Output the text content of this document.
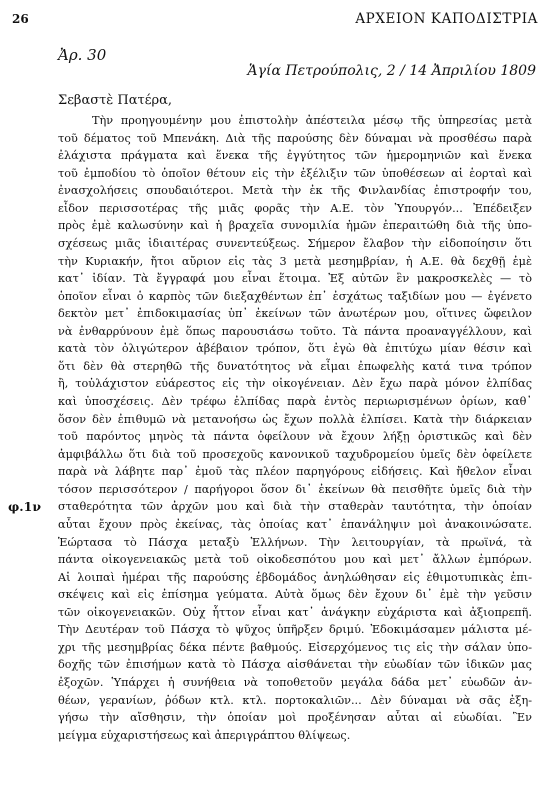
26	ΑΡΧΕΙΟΝ ΚΑΠΟΔΙΣΤΡΙΑ
Ἀρ. 30
Ἁγία Πετρούπολις, 2 / 14 Ἀπριλίου 1809
Σεβαστὲ Πατέρα,
φ.1ν
Τὴν προηγουμένην μου ἐπιστολὴν ἀπέστειλα μέσῳ τῆς ὑπηρεσίας μετὰ
τοῦ δέματος τοῦ Μπενάκη. Διὰ τῆς παρούσης δὲν δύναμαι νὰ προσθέσω παρὰ
ἐλάχιστα πράγματα καὶ ἕνεκα τῆς ἐγγύτητος τῶν ἡμερομηνιῶν καὶ ἕνεκα
τοῦ ἐμποδίου τὸ ὁποῖον θέτουν εἰς τὴν ἐξέλιξιν τῶν ὑποθέσεων αἱ ἑορταὶ καὶ
ἐνασχολήσεις σπουδαιότεροι. Μετὰ τὴν ἐκ τῆς Φινλανδίας ἐπιστροφήν του,
εἶδον περισσοτέρας τῆς μιᾶς φορᾶς τὴν Α.Ε. τὸν Ὑπουργόν... Ἐπέδειξεν
πρὸς ἐμὲ καλωσύνην καὶ ἡ βραχεῖα συνομιλία ἡμῶν ἐπεραιτώθη διὰ τῆς ὑπο-
σχέσεως μιᾶς ἰδιαιτέρας συνεντεύξεως. Σήμερον ἔλαβον τὴν εἰδοποίησιν ὅτι
τὴν Κυριακήν, ἤτοι αὔριον εἰς τὰς 3 μετὰ μεσημβρίαν, ἡ Α.Ε. θὰ δεχθῇ ἐμὲ
κατ᾽ ἰδίαν. Τὰ ἔγγραφά μου εἶναι ἕτοιμα. Ἐξ αὐτῶν ἓν μακροσκελὲς — τὸ
ὁποῖον εἶναι ὁ καρπὸς τῶν διεξαχθέντων ἐπ᾽ ἐσχάτως ταξιδίων μου — ἐγένετο
δεκτὸν μετ᾽ ἐπιδοκιμασίας ὑπ᾽ ἐκείνων τῶν ἀνωτέρων μου, οἵτινες ὤφειλον
νὰ ἐνθαρρύνουν ἐμὲ ὅπως παρουσιάσω τοῦτο. Τὰ πάντα προαναγγέλλουν, καὶ
κατὰ τὸν ὀλιγώτερον ἀβέβαιον τρόπον, ὅτι ἐγὼ θὰ ἐπιτύχω μίαν θέσιν καὶ
ὅτι δὲν θὰ στερηθῶ τῆς δυνατότητος νὰ εἶμαι ἐπωφελὴς κατά τινα τρόπον
ἢ, τοὐλάχιστον εὐάρεστος εἰς τὴν οἰκογένειαν. Δὲν ἔχω παρὰ μόνον ἐλπίδας
καὶ ὑποσχέσεις. Δὲν τρέφω ἐλπίδας παρὰ ἐντὸς περιωρισμένων ὁρίων, καθ᾽
ὅσον δὲν ἐπιθυμῶ νὰ μετανοήσω ὡς ἔχων πολλὰ ἐλπίσει. Κατὰ τὴν διάρκειαν
τοῦ παρόντος μηνὸς τὰ πάντα ὀφείλουν νὰ ἔχουν λήξῃ ὁριστικῶς καὶ δὲν
ἀμφιβάλλω ὅτι διὰ τοῦ προσεχοῦς κανονικοῦ ταχυδρομείου ὑμεῖς δὲν ὀφείλετε
παρὰ νὰ λάβητε παρ᾽ ἐμοῦ τὰς πλέον παρηγόρους εἰδήσεις. Καὶ ἤθελον εἶναι
τόσον περισσότερον / παρήγοροι ὅσον δι᾽ ἐκείνων θὰ πεισθῆτε ὑμεῖς διὰ τὴν
σταθερότητα τῶν ἀρχῶν μου καὶ διὰ τὴν σταθερὰν ταυτότητα, τὴν ὁποίαν
αὗται ἔχουν πρὸς ἐκείνας, τὰς ὁποίας κατ᾽ ἐπανάληψιν μοὶ ἀνακοινώσατε.
Ἑώρτασα τὸ Πάσχα μεταξὺ Ἑλλήνων. Τὴν λειτουργίαν, τὰ πρωϊνά, τὰ
πάντα οἰκογενειακῶς μετὰ τοῦ οἰκοδεσπότου μου καὶ μετ᾽ ἄλλων ἐμπόρων.
Αἱ λοιπαὶ ἡμέραι τῆς παρούσης ἑβδομάδος ἀνηλώθησαν εἰς ἐθιμοτυπικὰς ἐπι-
σκέψεις καὶ εἰς ἐπίσημα γεύματα. Αὐτὰ ὅμως δὲν ἔχουν δι᾽ ἐμὲ τὴν γεῦσιν
τῶν οἰκογενειακῶν. Οὐχ ἧττον εἶναι κατ᾽ ἀνάγκην εὐχάριστα καὶ ἀξιοπρεπῆ.
Τὴν Δευτέραν τοῦ Πάσχα τὸ ψῦχος ὑπῆρξεν δριμύ. Ἐδοκιμάσαμεν μάλιστα μέ-
χρι τῆς μεσημβρίας δέκα πέντε βαθμούς. Εἰσερχόμενος τις εἰς τὴν σάλαν ὑπο-
δοχῆς τῶν ἐπισήμων κατὰ τὸ Πάσχα αἰσθάνεται τὴν εὐωδίαν τῶν ἰδικῶν μας
ἐξοχῶν. Ὑπάρχει ἡ συνήθεια νὰ τοποθετοῦν μεγάλα δάδα μετ᾽ εὐωδῶν ἀν-
θέων, γερανίων, ῥόδων κτλ. κτλ. πορτοκαλιῶν... Δὲν δύναμαι νὰ σᾶς ἐξη-
γήσω τὴν αἴσθησιν, τὴν ὁποίαν μοὶ προξένησαν αὗται αἱ εὐωδίαι. Ἓν
μείγμα εὐχαριστήσεως καὶ ἀπεριγράπτου θλίψεως.
